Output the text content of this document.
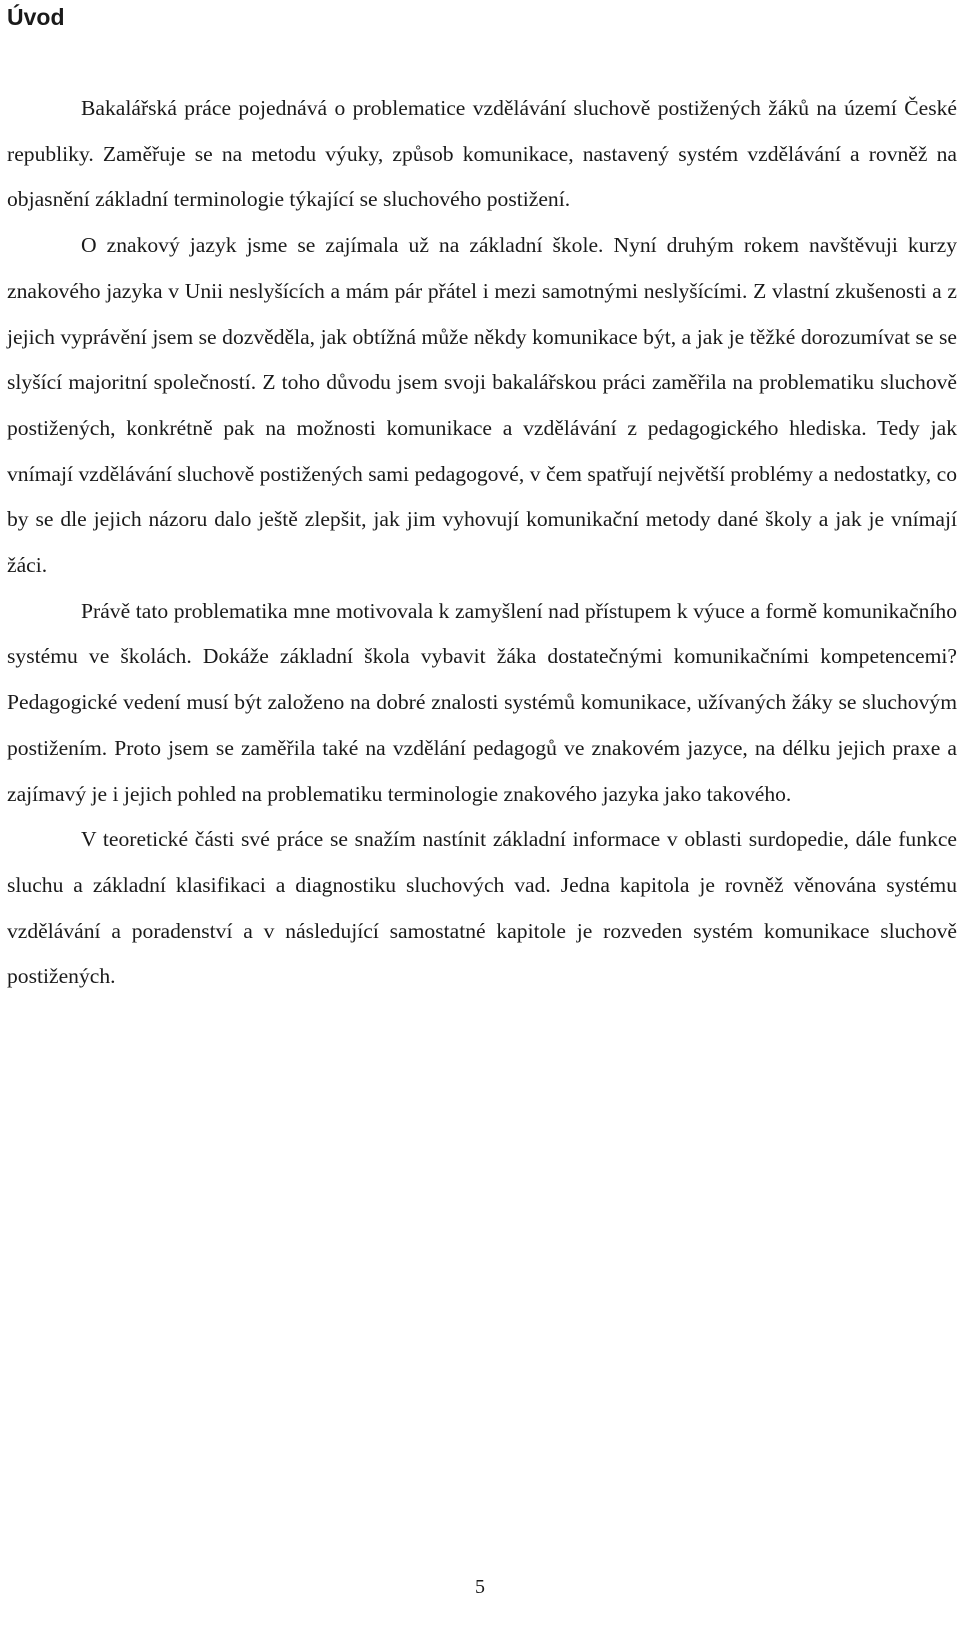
Úvod

Bakalářská práce pojednává o problematice vzdělávání sluchově postižených žáků na území České republiky. Zaměřuje se na metodu výuky, způsob komunikace, nastavený systém vzdělávání a rovněž na objasnění základní terminologie týkající se sluchového postižení.

O znakový jazyk jsme se zajímala už na základní škole. Nyní druhým rokem navštěvuji kurzy znakového jazyka v Unii neslyšících a mám pár přátel i mezi samotnými neslyšícími. Z vlastní zkušenosti a z jejich vyprávění jsem se dozvěděla, jak obtížná může někdy komunikace být, a jak je těžké dorozumívat se se slyšící majoritní společností. Z toho důvodu jsem svoji bakalářskou práci zaměřila na problematiku sluchově postižených, konkrétně pak na možnosti komunikace a vzdělávání z pedagogického hlediska. Tedy jak vnímají vzdělávání sluchově postižených sami pedagogové, v čem spatřují největší problémy a nedostatky, co by se dle jejich názoru dalo ještě zlepšit, jak jim vyhovují komunikační metody dané školy a jak je vnímají žáci.

Právě tato problematika mne motivovala k zamyšlení nad přístupem k výuce a formě komunikačního systému ve školách. Dokáže základní škola vybavit žáka dostatečnými komunikačními kompetencemi? Pedagogické vedení musí být založeno na dobré znalosti systémů komunikace, užívaných žáky se sluchovým postižením. Proto jsem se zaměřila také na vzdělání pedagogů ve znakovém jazyce, na délku jejich praxe a zajímavý je i jejich pohled na problematiku terminologie znakového jazyka jako takového.

V teoretické části své práce se snažím nastínit základní informace v oblasti surdopedie, dále funkce sluchu a základní klasifikaci a diagnostiku sluchových vad. Jedna kapitola je rovněž věnována systému vzdělávání a poradenství a v následující samostatné kapitole je rozveden systém komunikace sluchově postižených.

5
